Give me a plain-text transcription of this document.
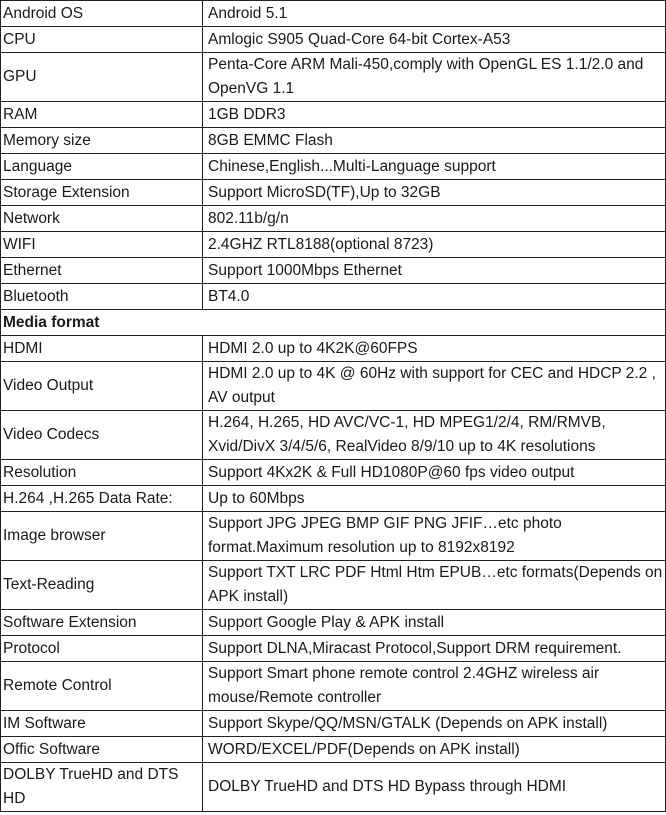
Android OS	Android 5.1
CPU	Amlogic S905 Quad-Core 64-bit Cortex-A53
GPU	Penta-Core ARM Mali-450,comply with OpenGL ES 1.1/2.0 and OpenVG 1.1
RAM	1GB DDR3
Memory size	8GB EMMC Flash
Language	Chinese,English...Multi-Language support
Storage Extension	Support MicroSD(TF),Up to 32GB
Network	802.11b/g/n
WIFI	2.4GHZ RTL8188(optional 8723)
Ethernet	Support 1000Mbps Ethernet
Bluetooth	BT4.0
Media format	
HDMI	HDMI 2.0 up to 4K2K@60FPS
Video Output	HDMI 2.0 up to 4K @ 60Hz with support for CEC and HDCP 2.2 , AV output
Video Codecs	H.264, H.265, HD AVC/VC-1, HD MPEG1/2/4, RM/RMVB, Xvid/DivX 3/4/5/6, RealVideo 8/9/10 up to 4K resolutions
Resolution	Support 4Kx2K & Full HD1080P@60 fps video output
H.264 ,H.265 Data Rate:	Up to 60Mbps
Image browser	Support JPG JPEG BMP GIF PNG JFIF…etc photo format.Maximum resolution up to 8192x8192
Text-Reading	Support TXT LRC PDF Html Htm EPUB…etc formats(Depends on APK install)
Software Extension	Support Google Play & APK install
Protocol	Support DLNA,Miracast Protocol,Support DRM requirement.
Remote Control	Support Smart phone remote control 2.4GHZ wireless air mouse/Remote controller
IM Software	Support Skype/QQ/MSN/GTALK (Depends on APK install)
Offic Software	WORD/EXCEL/PDF(Depends on APK install)
DOLBY TrueHD and DTS HD	DOLBY TrueHD and DTS HD Bypass through HDMI
